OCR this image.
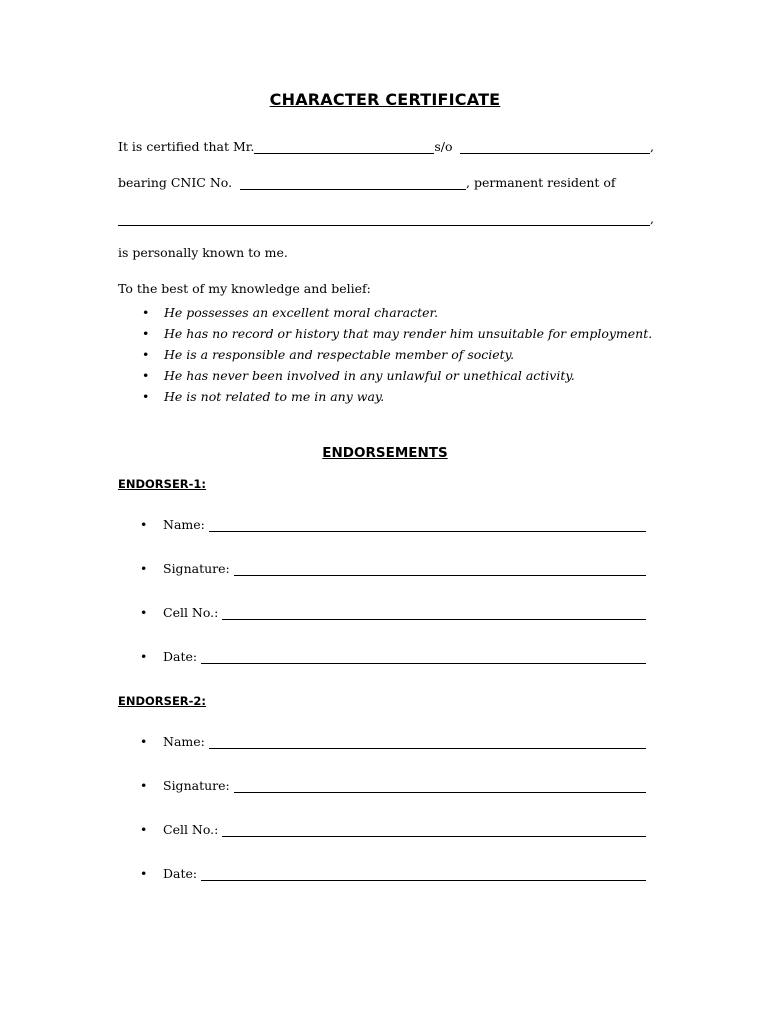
CHARACTER CERTIFICATE
It is certified that Mr.	s/o	,
bearing CNIC No.	, permanent resident of
,
is personally known to me.
To the best of my knowledge and belief:
• He possesses an excellent moral character.
• He has no record or history that may render him unsuitable for employment.
• He is a responsible and respectable member of society.
• He has never been involved in any unlawful or unethical activity.
• He is not related to me in any way.
ENDORSEMENTS
ENDORSER-1:
•	Name:
•	Signature:
•	Cell No.:
•	Date:
ENDORSER-2:
•	Name:
•	Signature:
•	Cell No.:
•	Date:
